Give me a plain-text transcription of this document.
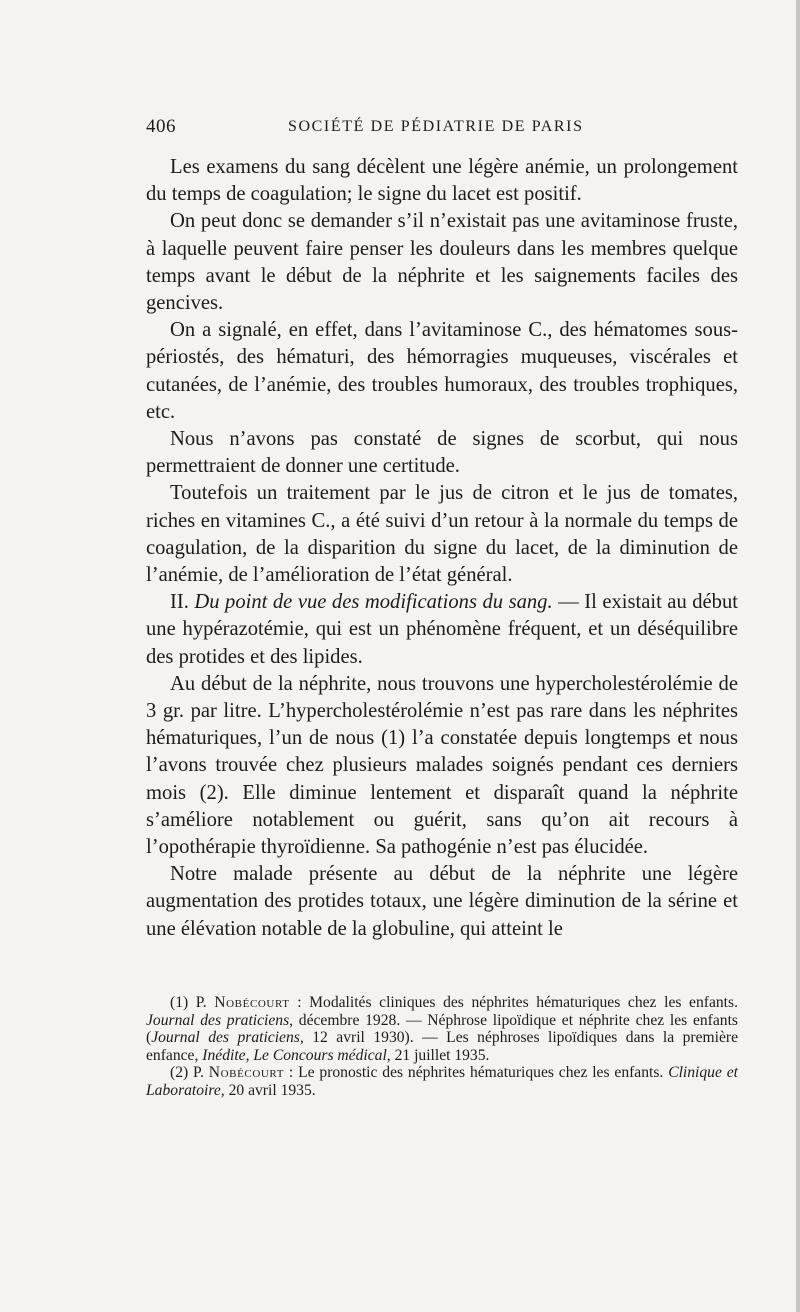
406	SOCIÉTÉ DE PÉDIATRIE DE PARIS

Les examens du sang décèlent une légère anémie, un prolongement du temps de coagulation; le signe du lacet est positif.

On peut donc se demander s’il n’existait pas une avitaminose fruste, à laquelle peuvent faire penser les douleurs dans les membres quelque temps avant le début de la néphrite et les saignements faciles des gencives.

On a signalé, en effet, dans l’avitaminose C., des hématomes sous-périostés, des hématuri, des hémorragies muqueuses, viscérales et cutanées, de l’anémie, des troubles humoraux, des troubles trophiques, etc.

Nous n’avons pas constaté de signes de scorbut, qui nous permettraient de donner une certitude.

Toutefois un traitement par le jus de citron et le jus de tomates, riches en vitamines C., a été suivi d’un retour à la normale du temps de coagulation, de la disparition du signe du lacet, de la diminution de l’anémie, de l’amélioration de l’état général.

II. Du point de vue des modifications du sang. — Il existait au début une hypérazotémie, qui est un phénomène fréquent, et un déséquilibre des protides et des lipides.

Au début de la néphrite, nous trouvons une hypercholestérolémie de 3 gr. par litre. L’hypercholestérolémie n’est pas rare dans les néphrites hématuriques, l’un de nous (1) l’a constatée depuis longtemps et nous l’avons trouvée chez plusieurs malades soignés pendant ces derniers mois (2). Elle diminue lentement et disparaît quand la néphrite s’améliore notablement ou guérit, sans qu’on ait recours à l’opothérapie thyroïdienne. Sa pathogénie n’est pas élucidée.

Notre malade présente au début de la néphrite une légère augmentation des protides totaux, une légère diminution de la sérine et une élévation notable de la globuline, qui atteint le

(1) P. Nobécourt : Modalités cliniques des néphrites hématuriques chez les enfants. Journal des praticiens, décembre 1928. — Néphrose lipoïdique et néphrite chez les enfants (Journal des praticiens, 12 avril 1930). — Les néphroses lipoïdiques dans la première enfance, Inédite, Le Concours médical, 21 juillet 1935.

(2) P. Nobécourt : Le pronostic des néphrites hématuriques chez les enfants. Clinique et Laboratoire, 20 avril 1935.
